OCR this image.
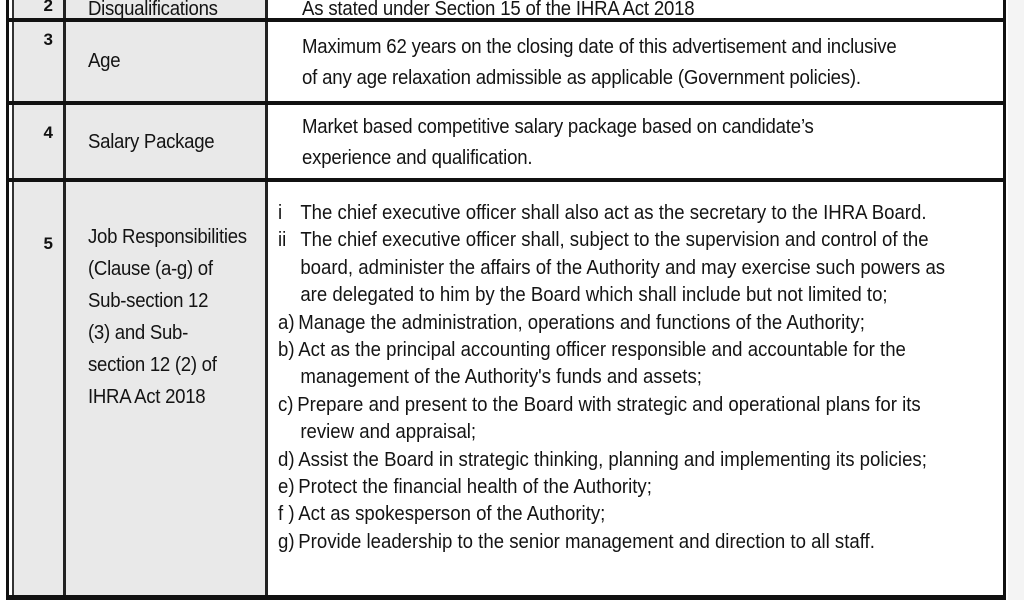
2 Disqualifications	As stated under Section 15 of the IHRA Act 2018
3
Age
Maximum 62 years on the closing date of this advertisement and inclusive
of any age relaxation admissible as applicable (Government policies).
4 Salary Package
Market based competitive salary package based on candidate’s
experience and qualification.
5 Job Responsibilities
(Clause (a-g) of
Sub-section 12
(3) and Sub-
section 12 (2) of
IHRA Act 2018
i The chief executive officer shall also act as the secretary to the IHRA Board.
ii The chief executive officer shall, subject to the supervision and control of the
board, administer the affairs of the Authority and may exercise such powers as
are delegated to him by the Board which shall include but not limited to;
a) Manage the administration, operations and functions of the Authority;
b) Act as the principal accounting officer responsible and accountable for the
management of the Authority's funds and assets;
c) Prepare and present to the Board with strategic and operational plans for its
review and appraisal;
d) Assist the Board in strategic thinking, planning and implementing its policies;
e) Protect the financial health of the Authority;
f ) Act as spokesperson of the Authority;
g) Provide leadership to the senior management and direction to all staff.
